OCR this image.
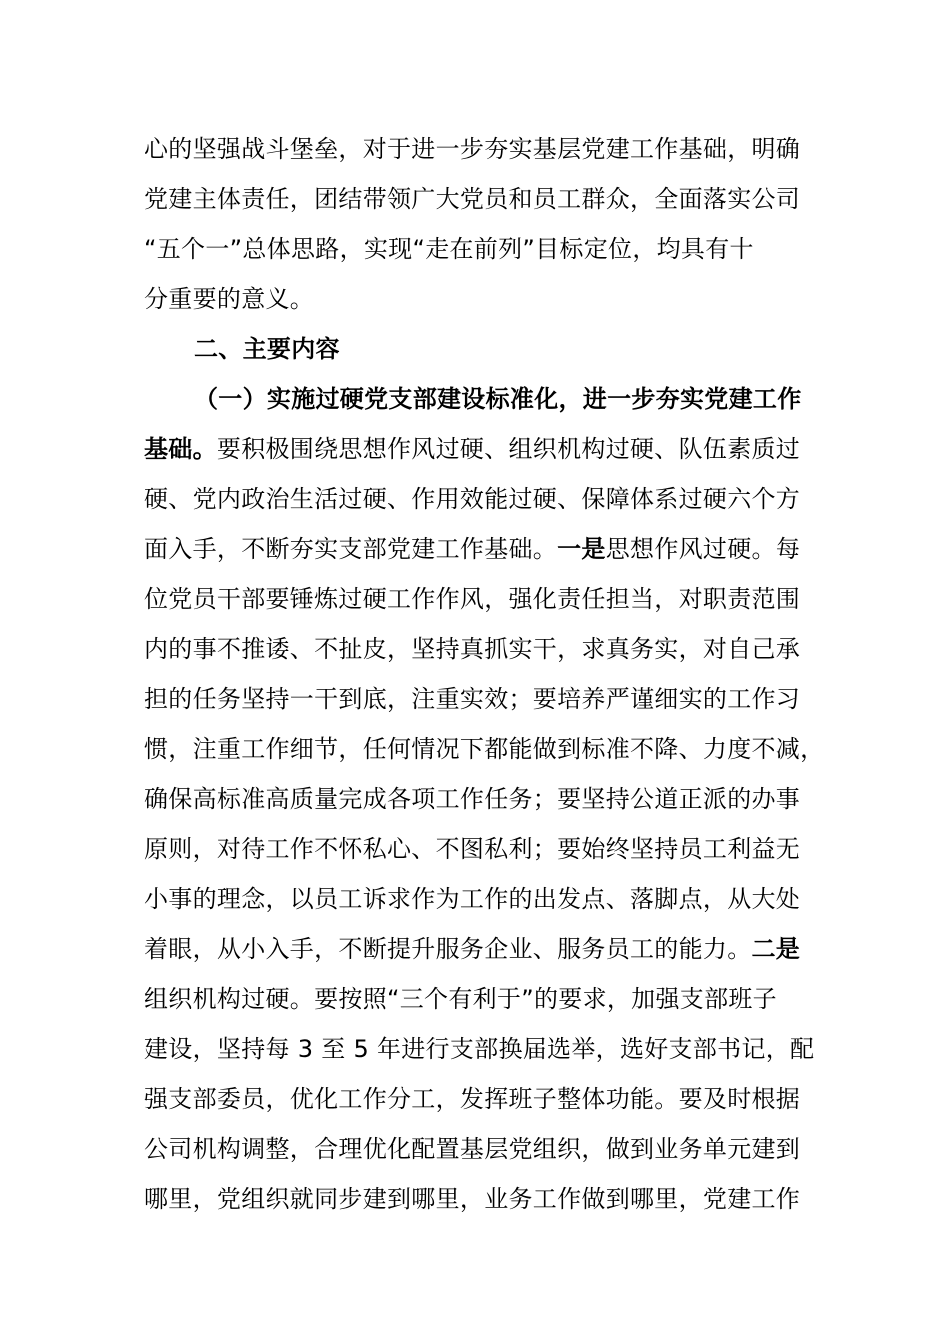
心的坚强战斗堡垒，对于进一步夯实基层党建工作基础，明确
党建主体责任，团结带领广大党员和员工群众，全面落实公司
“五个一”总体思路，实现“走在前列”目标定位，均具有十
分重要的意义。
二、主要内容
（一）实施过硬党支部建设标准化，进一步夯实党建工作
基础。要积极围绕思想作风过硬、组织机构过硬、队伍素质过
硬、党内政治生活过硬、作用效能过硬、保障体系过硬六个方
面入手，不断夯实支部党建工作基础。一是思想作风过硬。每
位党员干部要锤炼过硬工作作风，强化责任担当，对职责范围
内的事不推诿、不扯皮，坚持真抓实干，求真务实，对自己承
担的任务坚持一干到底，注重实效；要培养严谨细实的工作习
惯，注重工作细节，任何情况下都能做到标准不降、力度不减，
确保高标准高质量完成各项工作任务；要坚持公道正派的办事
原则，对待工作不怀私心、不图私利；要始终坚持员工利益无
小事的理念，以员工诉求作为工作的出发点、落脚点，从大处
着眼，从小入手，不断提升服务企业、服务员工的能力。二是
组织机构过硬。要按照“三个有利于”的要求，加强支部班子
建设，坚持每 3 至 5 年进行支部换届选举，选好支部书记，配
强支部委员，优化工作分工，发挥班子整体功能。要及时根据
公司机构调整，合理优化配置基层党组织，做到业务单元建到
哪里，党组织就同步建到哪里，业务工作做到哪里，党建工作
